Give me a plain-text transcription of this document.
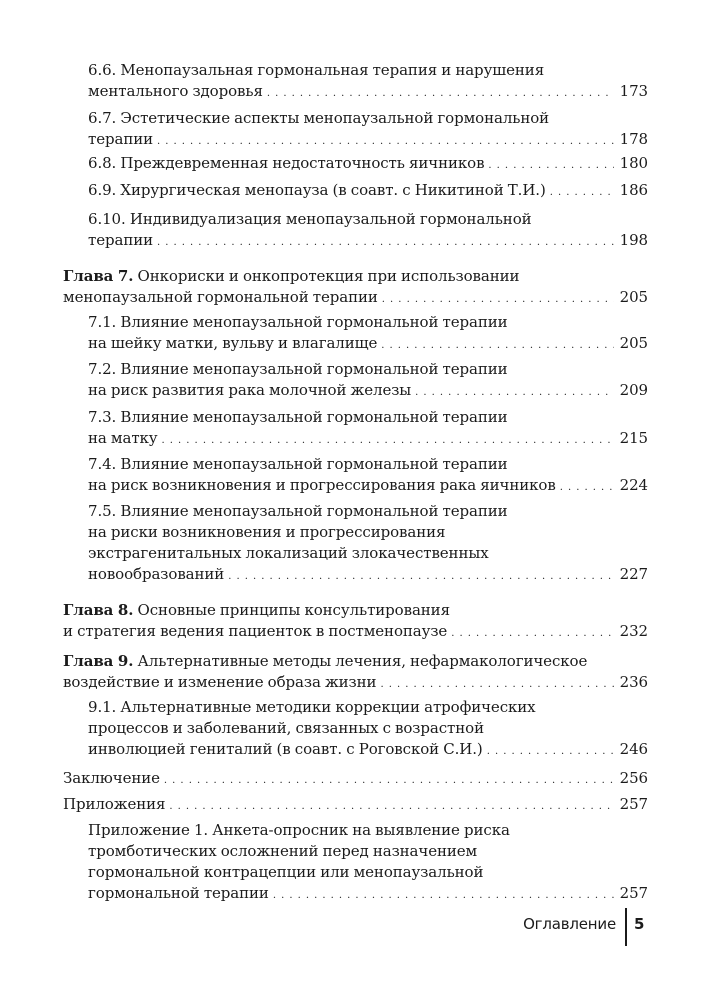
6.6. Менопаузальная гормональная терапия и нарушения
ментального здоровья . . .	173
6.7. Эстетические аспекты менопаузальной гормональной
терапии . . .	178
6.8. Преждевременная недостаточность яичников . . .	180
6.9. Хирургическая менопауза (в соавт. с Никитиной Т.И.) . . .	186
6.10. Индивидуализация менопаузальной гормональной
терапии . . .	198
Глава 7. Онкориски и онкопротекция при использовании
менопаузальной гормональной терапии . . .	205
7.1. Влияние менопаузальной гормональной терапии
на шейку матки, вульву и влагалище . . .	205
7.2. Влияние менопаузальной гормональной терапии
на риск развития рака молочной железы . . .	209
7.3. Влияние менопаузальной гормональной терапии
на матку . . .	215
7.4. Влияние менопаузальной гормональной терапии
на риск возникновения и прогрессирования рака яичников . . .	224
7.5. Влияние менопаузальной гормональной терапии
на риски возникновения и прогрессирования
экстрагенитальных локализаций злокачественных
новообразований . . .	227
Глава 8. Основные принципы консультирования
и стратегия ведения пациенток в постменопаузе . . .	232
Глава 9. Альтернативные методы лечения, нефармакологическое
воздействие и изменение образа жизни . . .	236
9.1. Альтернативные методики коррекции атрофических
процессов и заболеваний, связанных с возрастной
инволюцией гениталий (в соавт. с Роговской С.И.) . . .	246
Заключение . . .	256
Приложения . . .	257
Приложение 1. Анкета-опросник на выявление риска
тромботических осложнений перед назначением
гормональной контрацепции или менопаузальной
гормональной терапии . . .	257
Оглавление 5
